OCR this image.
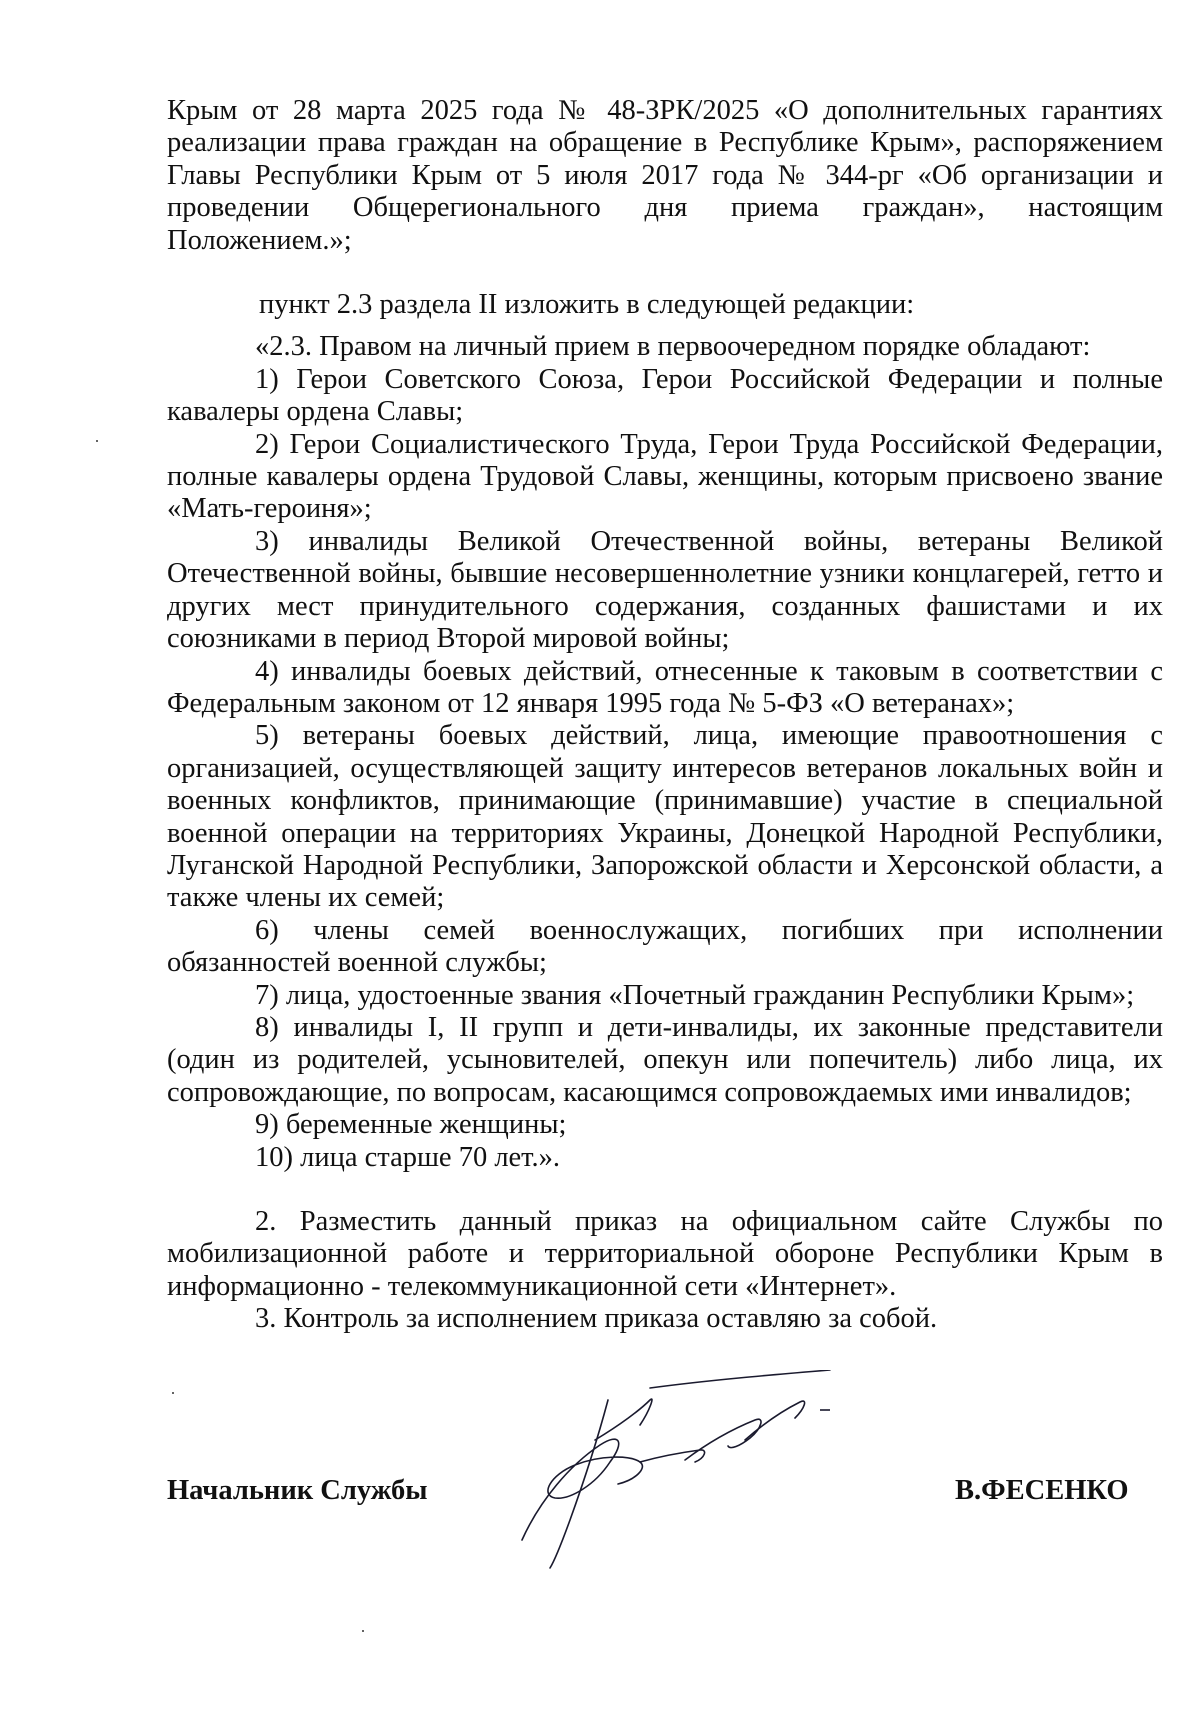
Крым от 28 марта 2025 года № 48-ЗРК/2025 «О дополнительных гарантиях реализации права граждан на обращение в Республике Крым», распоряжением Главы Республики Крым от 5 июля 2017 года № 344-рг «Об организации и проведении Общерегионального дня приема граждан», настоящим Положением.»;

пункт 2.3 раздела II изложить в следующей редакции:

«2.3. Правом на личный прием в первоочередном порядке обладают:

1) Герои Советского Союза, Герои Российской Федерации и полные кавалеры ордена Славы;

2) Герои Социалистического Труда, Герои Труда Российской Федерации, полные кавалеры ордена Трудовой Славы, женщины, которым присвоено звание «Мать-героиня»;

3) инвалиды Великой Отечественной войны, ветераны Великой Отечественной войны, бывшие несовершеннолетние узники концлагерей, гетто и других мест принудительного содержания, созданных фашистами и их союзниками в период Второй мировой войны;

4) инвалиды боевых действий, отнесенные к таковым в соответствии с Федеральным законом от 12 января 1995 года № 5-ФЗ «О ветеранах»;

5) ветераны боевых действий, лица, имеющие правоотношения с организацией, осуществляющей защиту интересов ветеранов локальных войн и военных конфликтов, принимающие (принимавшие) участие в специальной военной операции на территориях Украины, Донецкой Народной Республики, Луганской Народной Республики, Запорожской области и Херсонской области, а также члены их семей;

6) члены семей военнослужащих, погибших при исполнении обязанностей военной службы;

7) лица, удостоенные звания «Почетный гражданин Республики Крым»;

8) инвалиды I, II групп и дети-инвалиды, их законные представители (один из родителей, усыновителей, опекун или попечитель) либо лица, их сопровождающие, по вопросам, касающимся сопровождаемых ими инвалидов;

9) беременные женщины;

10) лица старше 70 лет.».

2. Разместить данный приказ на официальном сайте Службы по мобилизационной работе и территориальной обороне Республики Крым в информационно - телекоммуникационной сети «Интернет».

3. Контроль за исполнением приказа оставляю за собой.

Начальник Службы	В.ФЕСЕНКО
